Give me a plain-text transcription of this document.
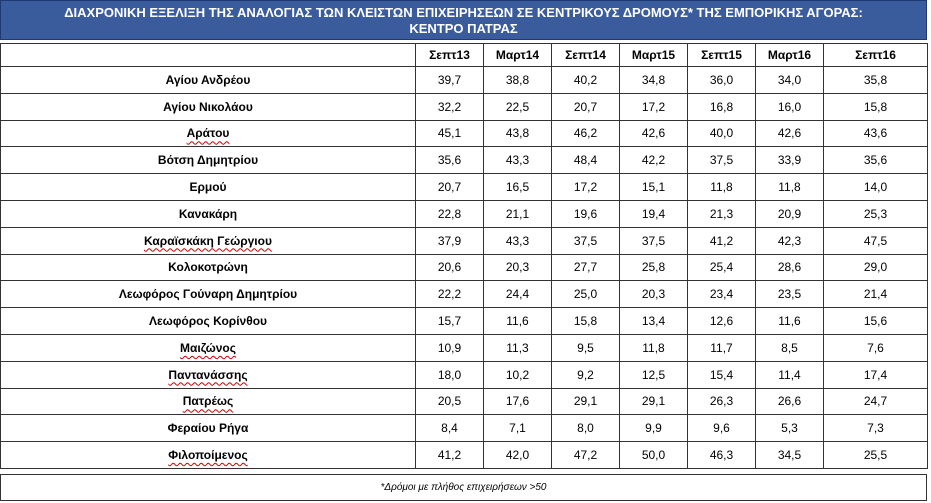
ΔΙΑΧΡΟΝΙΚΗ ΕΞΕΛΙΞΗ ΤΗΣ ΑΝΑΛΟΓΙΑΣ ΤΩΝ ΚΛΕΙΣΤΩΝ ΕΠΙΧΕΙΡΗΣΕΩΝ ΣΕ ΚΕΝΤΡΙΚΟΥΣ ΔΡΟΜΟΥΣ* ΤΗΣ ΕΜΠΟΡΙΚΗΣ ΑΓΟΡΑΣ:
ΚΕΝΤΡΟ ΠΑΤΡΑΣ
	Σεπτ13	Μαρτ14	Σεπτ14	Μαρτ15	Σεπτ15	Μαρτ16	Σεπτ16
Αγίου Ανδρέου	39,7	38,8	40,2	34,8	36,0	34,0	35,8
Αγίου Νικολάου	32,2	22,5	20,7	17,2	16,8	16,0	15,8
Αράτου	45,1	43,8	46,2	42,6	40,0	42,6	43,6
Βότση Δημητρίου	35,6	43,3	48,4	42,2	37,5	33,9	35,6
Ερμού	20,7	16,5	17,2	15,1	11,8	11,8	14,0
Κανακάρη	22,8	21,1	19,6	19,4	21,3	20,9	25,3
Καραϊσκάκη Γεώργιου	37,9	43,3	37,5	37,5	41,2	42,3	47,5
Κολοκοτρώνη	20,6	20,3	27,7	25,8	25,4	28,6	29,0
Λεωφόρος Γούναρη Δημητρίου	22,2	24,4	25,0	20,3	23,4	23,5	21,4
Λεωφόρος Κορίνθου	15,7	11,6	15,8	13,4	12,6	11,6	15,6
Μαιζώνος	10,9	11,3	9,5	11,8	11,7	8,5	7,6
Παντανάσσης	18,0	10,2	9,2	12,5	15,4	11,4	17,4
Πατρέως	20,5	17,6	29,1	29,1	26,3	26,6	24,7
Φεραίου Ρήγα	8,4	7,1	8,0	9,9	9,6	5,3	7,3
Φιλοποίμενος	41,2	42,0	47,2	50,0	46,3	34,5	25,5
*Δρόμοι με πλήθος επιχειρήσεων >50
